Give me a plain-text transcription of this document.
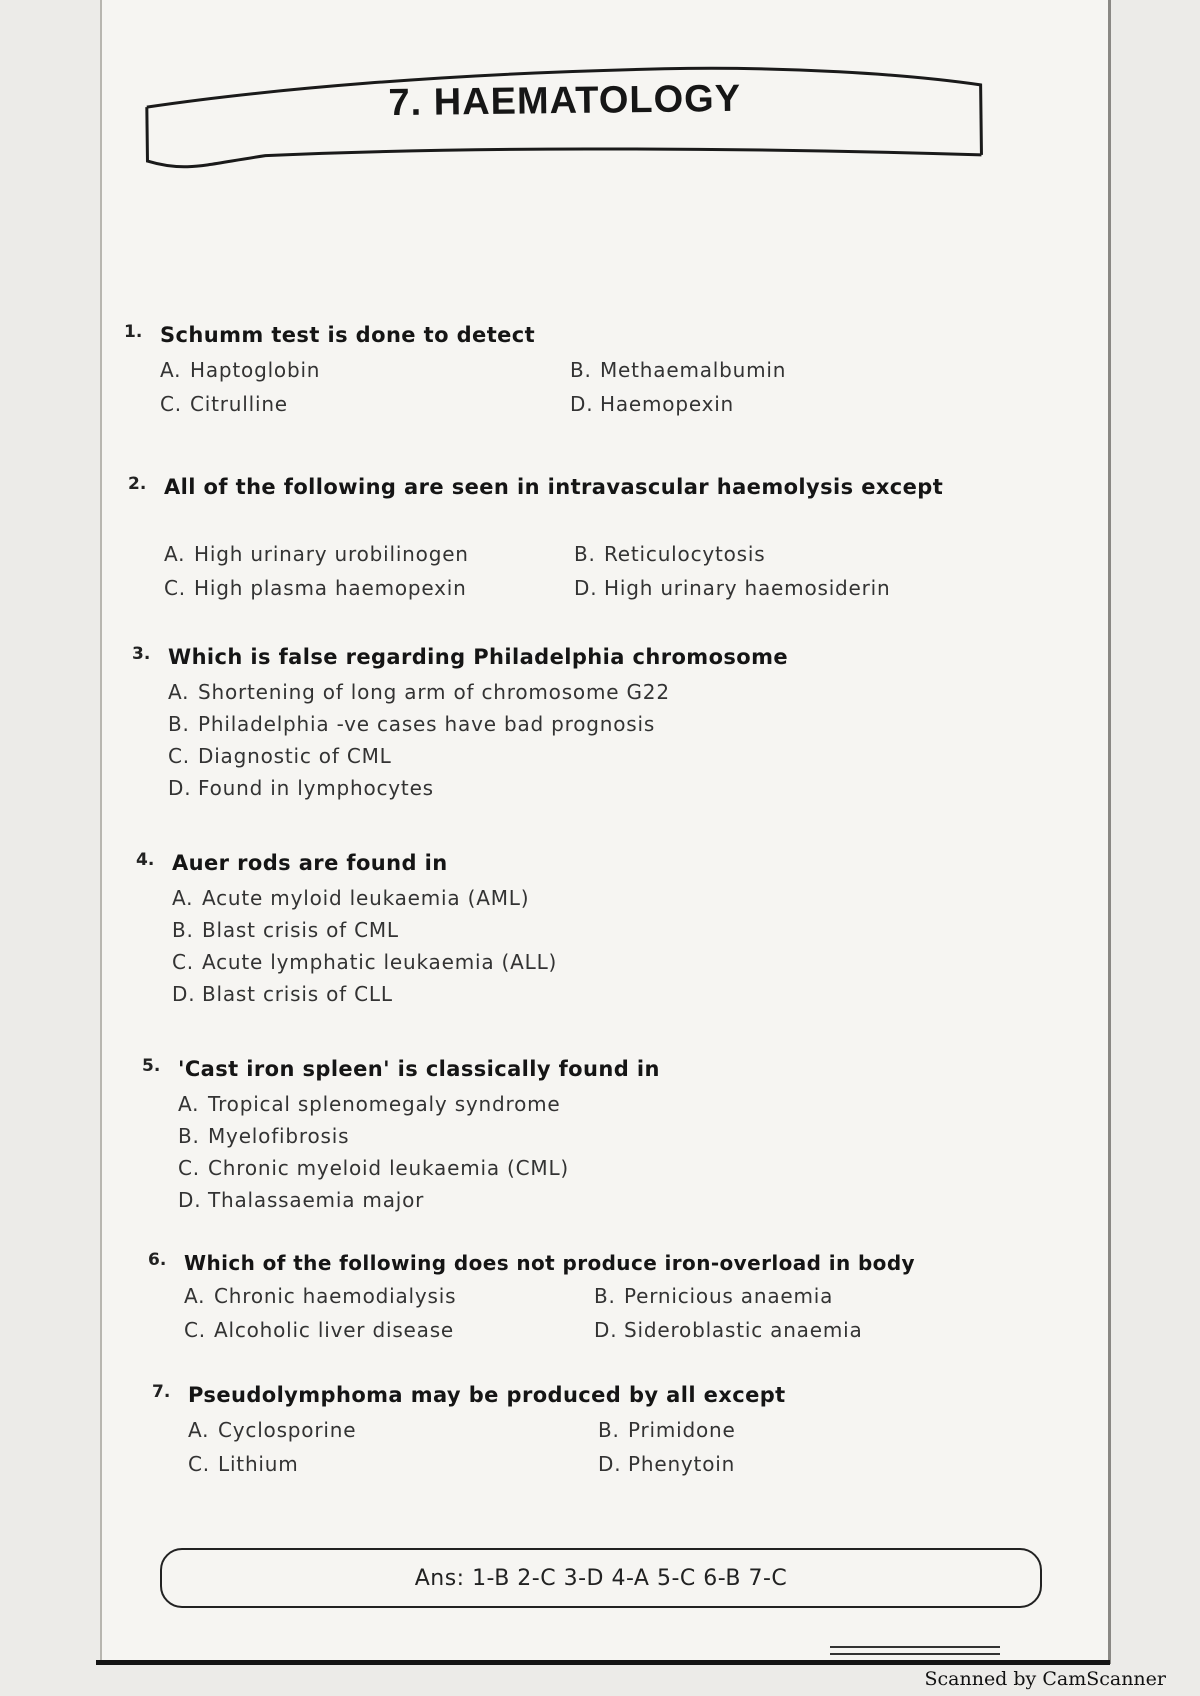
7. HAEMATOLOGY
1. Schumm test is done to detect
A. Haptoglobin	B. Methaemalbumin
C. Citrulline	D. Haemopexin
2. All of the following are seen in intravascular haemolysis except
A. High urinary urobilinogen	B. Reticulocytosis
C. High plasma haemopexin	D. High urinary haemosiderin
3. Which is false regarding Philadelphia chromosome
A. Shortening of long arm of chromosome G22
B. Philadelphia -ve cases have bad prognosis
C. Diagnostic of CML
D. Found in lymphocytes
4. Auer rods are found in
A. Acute myloid leukaemia (AML)
B. Blast crisis of CML
C. Acute lymphatic leukaemia (ALL)
D. Blast crisis of CLL
5. 'Cast iron spleen' is classically found in
A. Tropical splenomegaly syndrome
B. Myelofibrosis
C. Chronic myeloid leukaemia (CML)
D. Thalassaemia major
6. Which of the following does not produce iron-overload in body
A. Chronic haemodialysis	B. Pernicious anaemia
C. Alcoholic liver disease	D. Sideroblastic anaemia
7. Pseudolymphoma may be produced by all except
A. Cyclosporine	B. Primidone
C. Lithium	D. Phenytoin
Ans: 1-B 2-C 3-D 4-A 5-C 6-B 7-C
Scanned by CamScanner
